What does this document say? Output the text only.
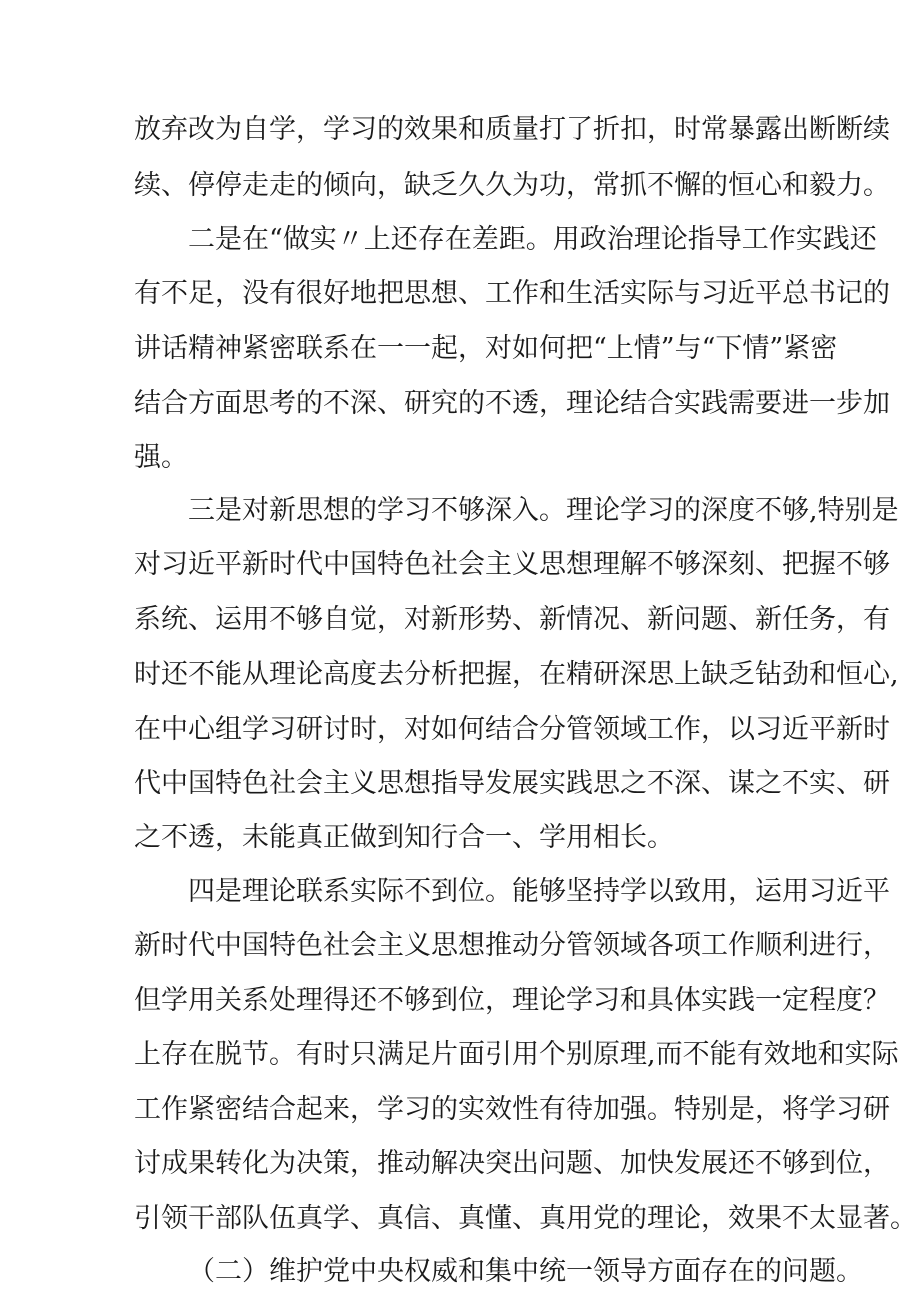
放弃改为自学，学习的效果和质量打了折扣，时常暴露出断断续
续、停停走走的倾向，缺乏久久为功，常抓不懈的恒心和毅力。
二是在“做实〃上还存在差距。用政治理论指导工作实践还
有不足，没有很好地把思想、工作和生活实际与习近平总书记的
讲话精神紧密联系在一一起，对如何把“上情”与“下情”紧密
结合方面思考的不深、研究的不透，理论结合实践需要进一步加
强。
三是对新思想的学习不够深入。理论学习的深度不够,特别是
对习近平新时代中国特色社会主义思想理解不够深刻、把握不够
系统、运用不够自觉，对新形势、新情况、新问题、新任务，有
时还不能从理论高度去分析把握，在精研深思上缺乏钻劲和恒心,
在中心组学习研讨时，对如何结合分管领域工作，以习近平新时
代中国特色社会主义思想指导发展实践思之不深、谋之不实、研
之不透，未能真正做到知行合一、学用相长。
四是理论联系实际不到位。能够坚持学以致用，运用习近平
新时代中国特色社会主义思想推动分管领域各项工作顺利进行，
但学用关系处理得还不够到位，理论学习和具体实践一定程度？
上存在脱节。有时只满足片面引用个别原理,而不能有效地和实际
工作紧密结合起来，学习的实效性有待加强。特别是，将学习研
讨成果转化为决策，推动解决突出问题、加快发展还不够到位，
引领干部队伍真学、真信、真懂、真用党的理论，效果不太显著。
（二）维护党中央权威和集中统一领导方面存在的问题。
